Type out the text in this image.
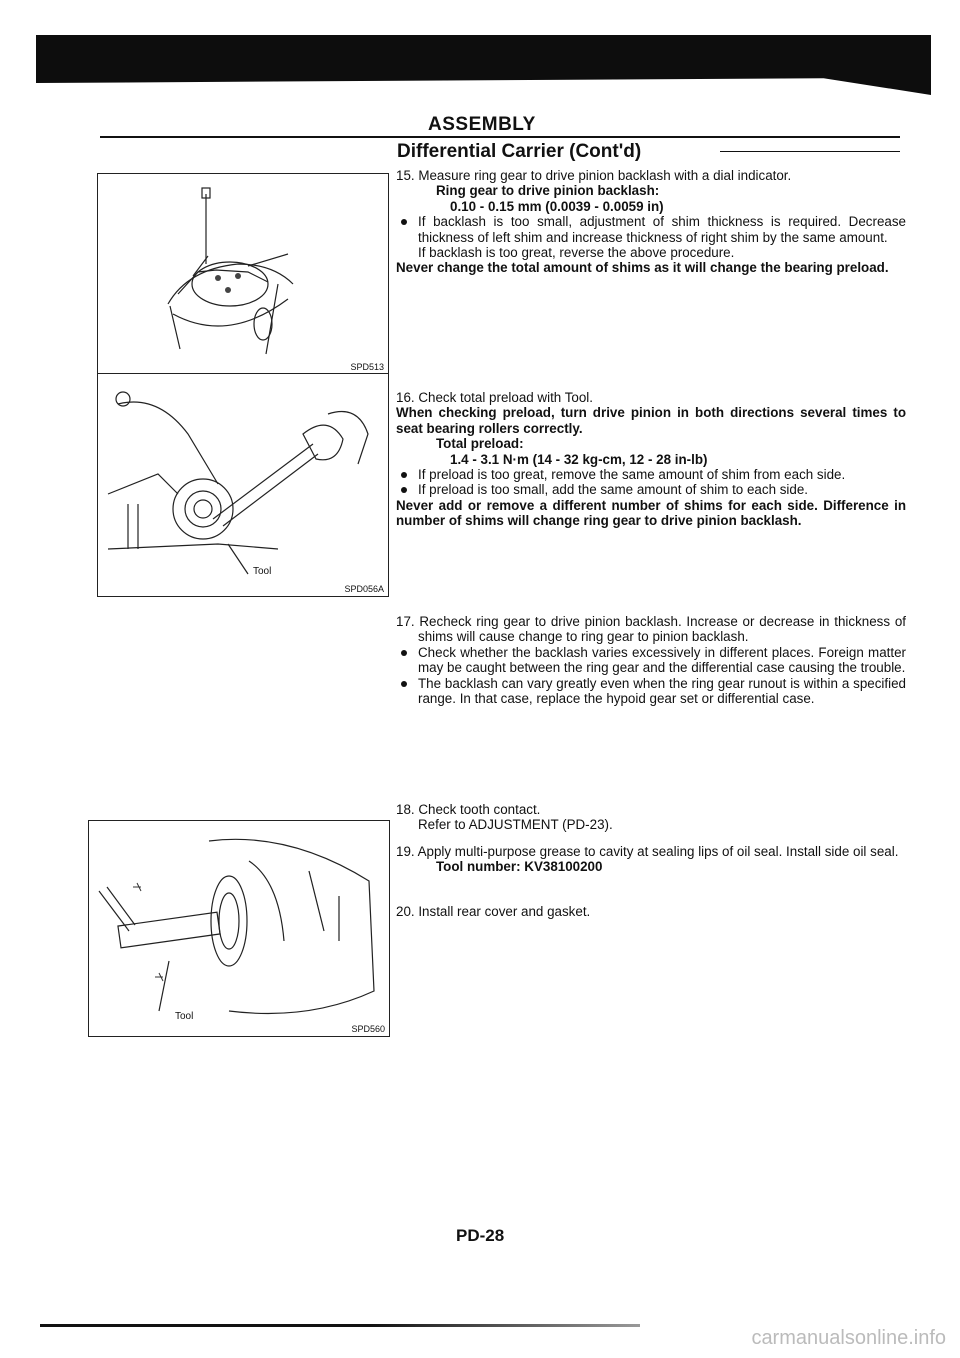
ASSEMBLY
Differential Carrier (Cont'd)
SPD513
Tool
SPD056A
Tool
SPD560
15. Measure ring gear to drive pinion backlash with a dial indicator.
Ring gear to drive pinion backlash:
0.10 - 0.15 mm (0.0039 - 0.0059 in)
If backlash is too small, adjustment of shim thickness is required. Decrease thickness of left shim and increase thickness of right shim by the same amount.
If backlash is too great, reverse the above procedure.
Never change the total amount of shims as it will change the bearing preload.
16. Check total preload with Tool.
When checking preload, turn drive pinion in both directions several times to seat bearing rollers correctly.
Total preload:
1.4 - 3.1 N·m (14 - 32 kg-cm, 12 - 28 in-lb)
If preload is too great, remove the same amount of shim from each side.
If preload is too small, add the same amount of shim to each side.
Never add or remove a different number of shims for each side. Difference in number of shims will change ring gear to drive pinion backlash.
17. Recheck ring gear to drive pinion backlash. Increase or decrease in thickness of shims will cause change to ring gear to pinion backlash.
Check whether the backlash varies excessively in different places. Foreign matter may be caught between the ring gear and the differential case causing the trouble.
The backlash can vary greatly even when the ring gear runout is within a specified range. In that case, replace the hypoid gear set or differential case.
18. Check tooth contact.
Refer to ADJUSTMENT (PD-23).
19. Apply multi-purpose grease to cavity at sealing lips of oil seal. Install side oil seal.
Tool number: KV38100200
20. Install rear cover and gasket.
PD-28
carmanualsonline.info
